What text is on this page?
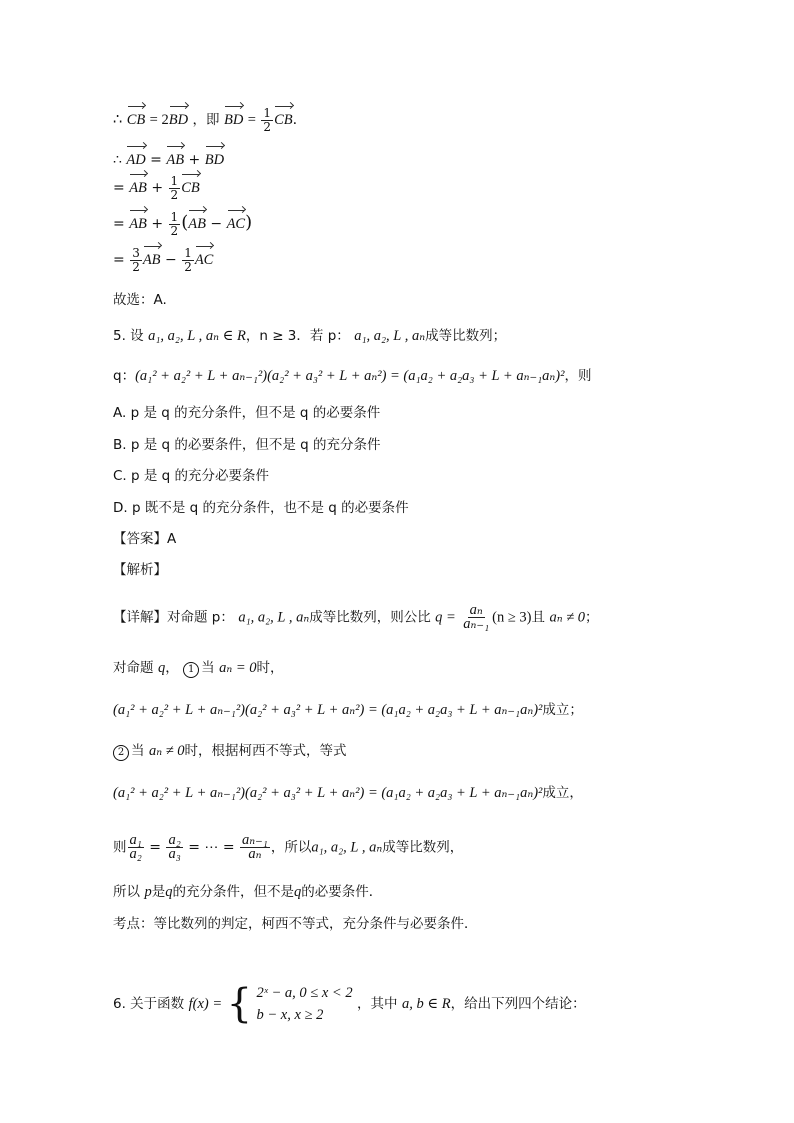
∴ CB = 2BD ，即 BD = $\frac{1}{2}$ CB.
∴ AD = AB + BD
= AB + $\frac{1}{2}$ CB
= AB + $\frac{1}{2} (AB - AC)$
= $\frac{3}{2}$ AB − $\frac{1}{2}$ AC
故选：A.
5. 设 a₁, a₂, L , aₙ ∈ R，n ≥ 3．若 p： a₁, a₂, L , aₙ成等比数列；
q：(a₁² + a₂² + L + aₙ₋₁²)(a₂² + a₃² + L + aₙ²) = (a₁a₂ + a₂a₃ + L + aₙ₋₁aₙ)²，则
A. p 是 q 的充分条件，但不是 q 的必要条件
B. p 是 q 的必要条件，但不是 q 的充分条件
C. p 是 q 的充分必要条件
D. p 既不是 q 的充分条件，也不是 q 的必要条件
【答案】A
【解析】
【详解】对命题 p： a₁, a₂, L , aₙ成等比数列，则公比 $q = \frac{\text{aₙ}}{\text{aₙ₋₁}} (n \ge 3)$且 aₙ ≠ 0；
对命题 q， 1 当 aₙ = 0时，
(a₁² + a₂² + L + aₙ₋₁²)(a₂² + a₃² + L + aₙ²) = (a₁a₂ + a₂a₃ + L + aₙ₋₁aₙ)²成立；
2 当 aₙ ≠ 0时，根据柯西不等式，等式
(a₁² + a₂² + L + aₙ₋₁²)(a₂² + a₃² + L + aₙ²) = (a₁a₂ + a₂a₃ + L + aₙ₋₁aₙ)²成立，
则 $\frac{\text{a₁}}{\text{a₂}} = \frac{\text{a₂}}{\text{a₃}}$ = ⋯ = $\frac{\text{aₙ₋₁}}{\text{aₙ}}$ ，所以a₁, a₂, L , aₙ成等比数列，
所以 p是q的充分条件，但不是q的必要条件．
考点：等比数列的判定，柯西不等式，充分条件与必要条件．
6. 关于函数 f(x) = { 2ˣ − a, 0 ≤ x < 2
b − x, x ≥ 2
，其中 a, b ∈ R，给出下列四个结论：
